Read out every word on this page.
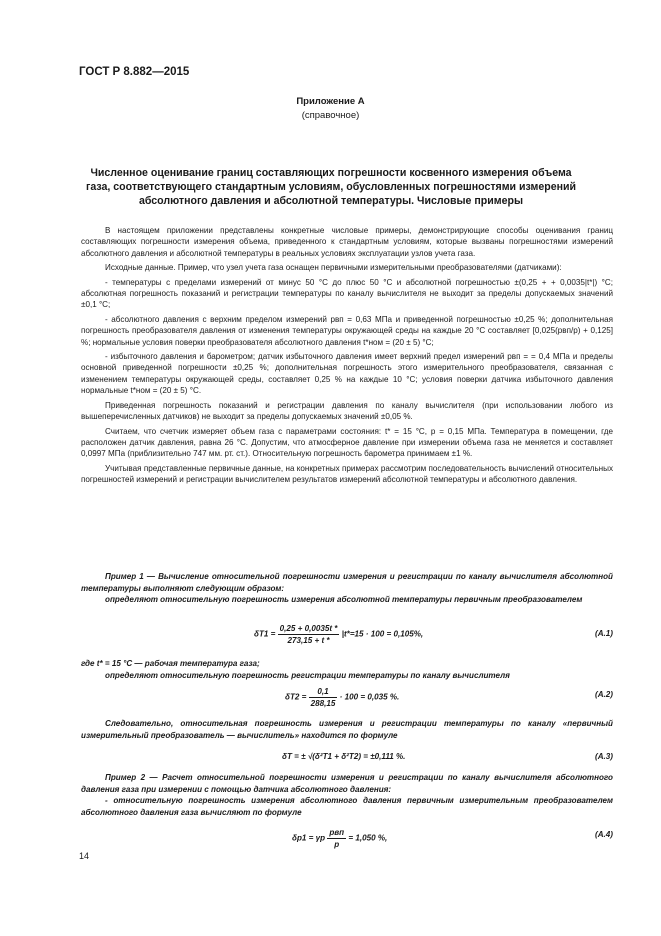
ГОСТ Р 8.882—2015
Приложение А
(справочное)
Численное оценивание границ составляющих погрешности косвенного измерения объема газа, соответствующего стандартным условиям, обусловленных погрешностями измерений абсолютного давления и абсолютной температуры. Числовые примеры

В настоящем приложении представлены конкретные числовые примеры, демонстрирующие способы оценивания границ составляющих погрешности измерения объема, приведенного к стандартным условиям, которые вызваны погрешностями измерений абсолютного давления и абсолютной температуры в реальных условиях эксплуатации узлов учета газа.

Исходные данные. Пример, что узел учета газа оснащен первичными измерительными преобразователями (датчиками):

- температуры с пределами измерений от минус 50 °С до плюс 50 °С и абсолютной погрешностью ±(0,25 + + 0,0035|t*|) °С; абсолютная погрешность показаний и регистрации температуры по каналу вычислителя не выходит за пределы допускаемых значений ±0,1 °С;

- абсолютного давления с верхним пределом измерений pвп = 0,63 МПа и приведенной погрешностью ±0,25 %; дополнительная погрешность преобразователя давления от изменения температуры окружающей среды на каждые 20 °С составляет [0,025(pвп/p) + 0,125] %; нормальные условия поверки преобразователя абсолютного давления t*ном = (20 ± 5) °С;

- избыточного давления и барометром; датчик избыточного давления имеет верхний предел измерений pвп = = 0,4 МПа и пределы основной приведенной погрешности ±0,25 %; дополнительная погрешность этого измерительного преобразователя, связанная с изменением температуры окружающей среды, составляет 0,25 % на каждые 10 °С; условия поверки датчика избыточного давления нормальные t*ном = (20 ± 5) °С.

Приведенная погрешность показаний и регистрации давления по каналу вычислителя (при использовании любого из вышеперечисленных датчиков) не выходит за пределы допускаемых значений ±0,05 %.

Считаем, что счетчик измеряет объем газа с параметрами состояния: t* = 15 °С, p = 0,15 МПа. Температура в помещении, где расположен датчик давления, равна 26 °С. Допустим, что атмосферное давление при измерении объема газа не меняется и составляет 0,0997 МПа (приблизительно 747 мм. рт. ст.). Относительную погрешность барометра принимаем ±1 %.

Учитывая представленные первичные данные, на конкретных примерах рассмотрим последовательность вычислений относительных погрешностей измерений и регистрации вычислителем результатов измерений абсолютной температуры и абсолютного давления.

Пример 1 — Вычисление относительной погрешности измерения и регистрации по каналу вычислителя абсолютной температуры выполняют следующим образом:

определяют относительную погрешность измерения абсолютной температуры первичным преобразователем

$\delta T1 = \frac{0,25 + 0,0035t *}{273,15 + t *} |t*=15 \cdot 100 = 0,105\%$,	(А.1)

где t* = 15 °С — рабочая температура газа;

определяют относительную погрешность регистрации температуры по каналу вычислителя

$\delta T2 = \frac{0,1}{288,15} \cdot 100 = 0,035$ %.	(А.2)

Следовательно, относительная погрешность измерения и регистрации температуры по каналу «первичный измерительный преобразователь — вычислитель» находится по формуле

δT = ± √(δ²T1 + δ²T2) = ±0,111 %.	(А.3)

Пример 2 — Расчет относительной погрешности измерения и регистрации по каналу вычислителя абсолютного давления газа при измерении с помощью датчика абсолютного давления:

- относительную погрешность измерения абсолютного давления первичным измерительным преобразователем абсолютного давления газа вычисляют по формуле

δp1 = γp $\frac{\text{pвп}}{p} = 1,050$ %,	(А.4)
14
